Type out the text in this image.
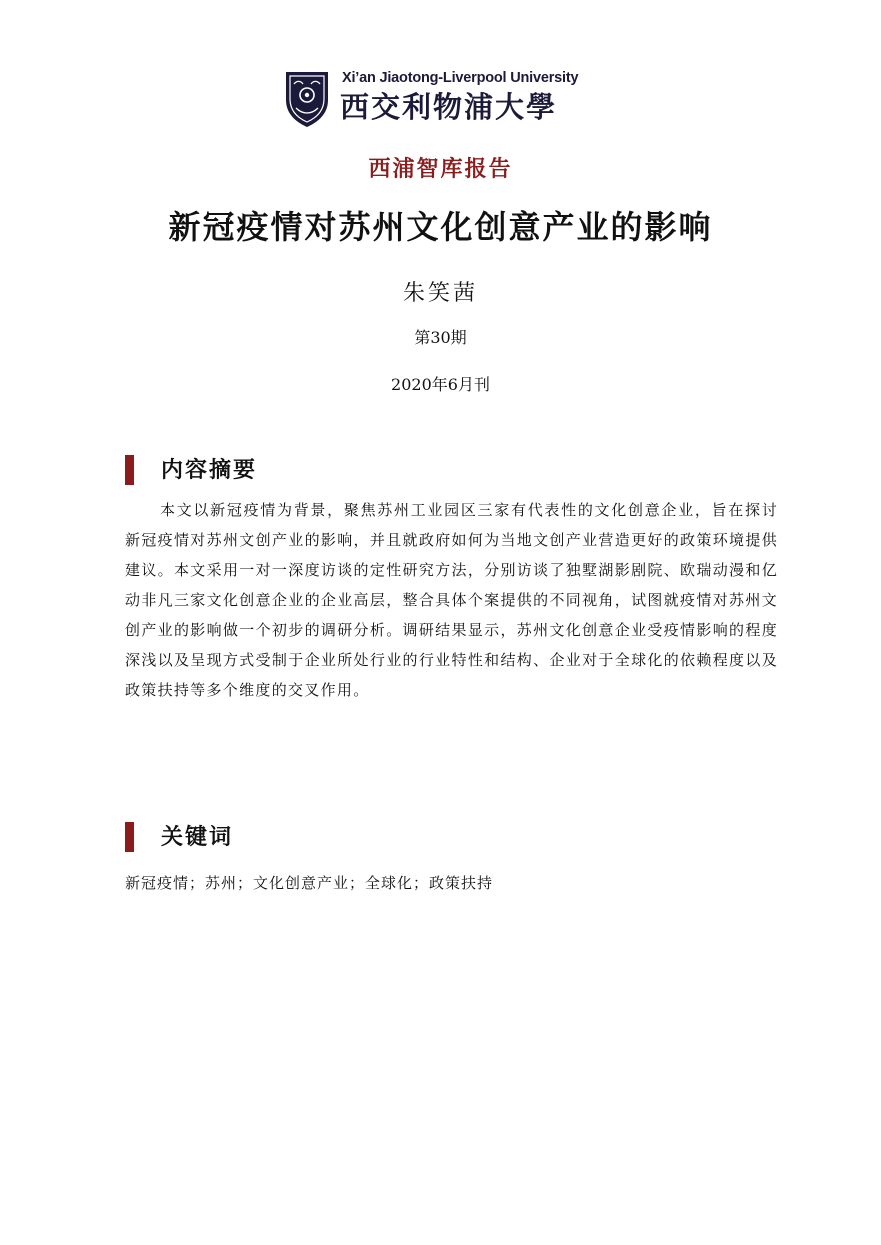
Xi’an Jiaotong-Liverpool University
西交利物浦大學
西浦智库报告
新冠疫情对苏州文化创意产业的影响
朱笑茜
第30期
2020年6月刊
内容摘要

本文以新冠疫情为背景，聚焦苏州工业园区三家有代表性的文化创意企业，旨在探讨新冠疫情对苏州文创产业的影响，并且就政府如何为当地文创产业营造更好的政策环境提供建议。本文采用一对一深度访谈的定性研究方法，分别访谈了独墅湖影剧院、欧瑞动漫和亿动非凡三家文化创意企业的企业高层，整合具体个案提供的不同视角，试图就疫情对苏州文创产业的影响做一个初步的调研分析。调研结果显示，苏州文化创意企业受疫情影响的程度深浅以及呈现方式受制于企业所处行业的行业特性和结构、企业对于全球化的依赖程度以及政策扶持等多个维度的交叉作用。

关键词
新冠疫情；苏州；文化创意产业；全球化；政策扶持
